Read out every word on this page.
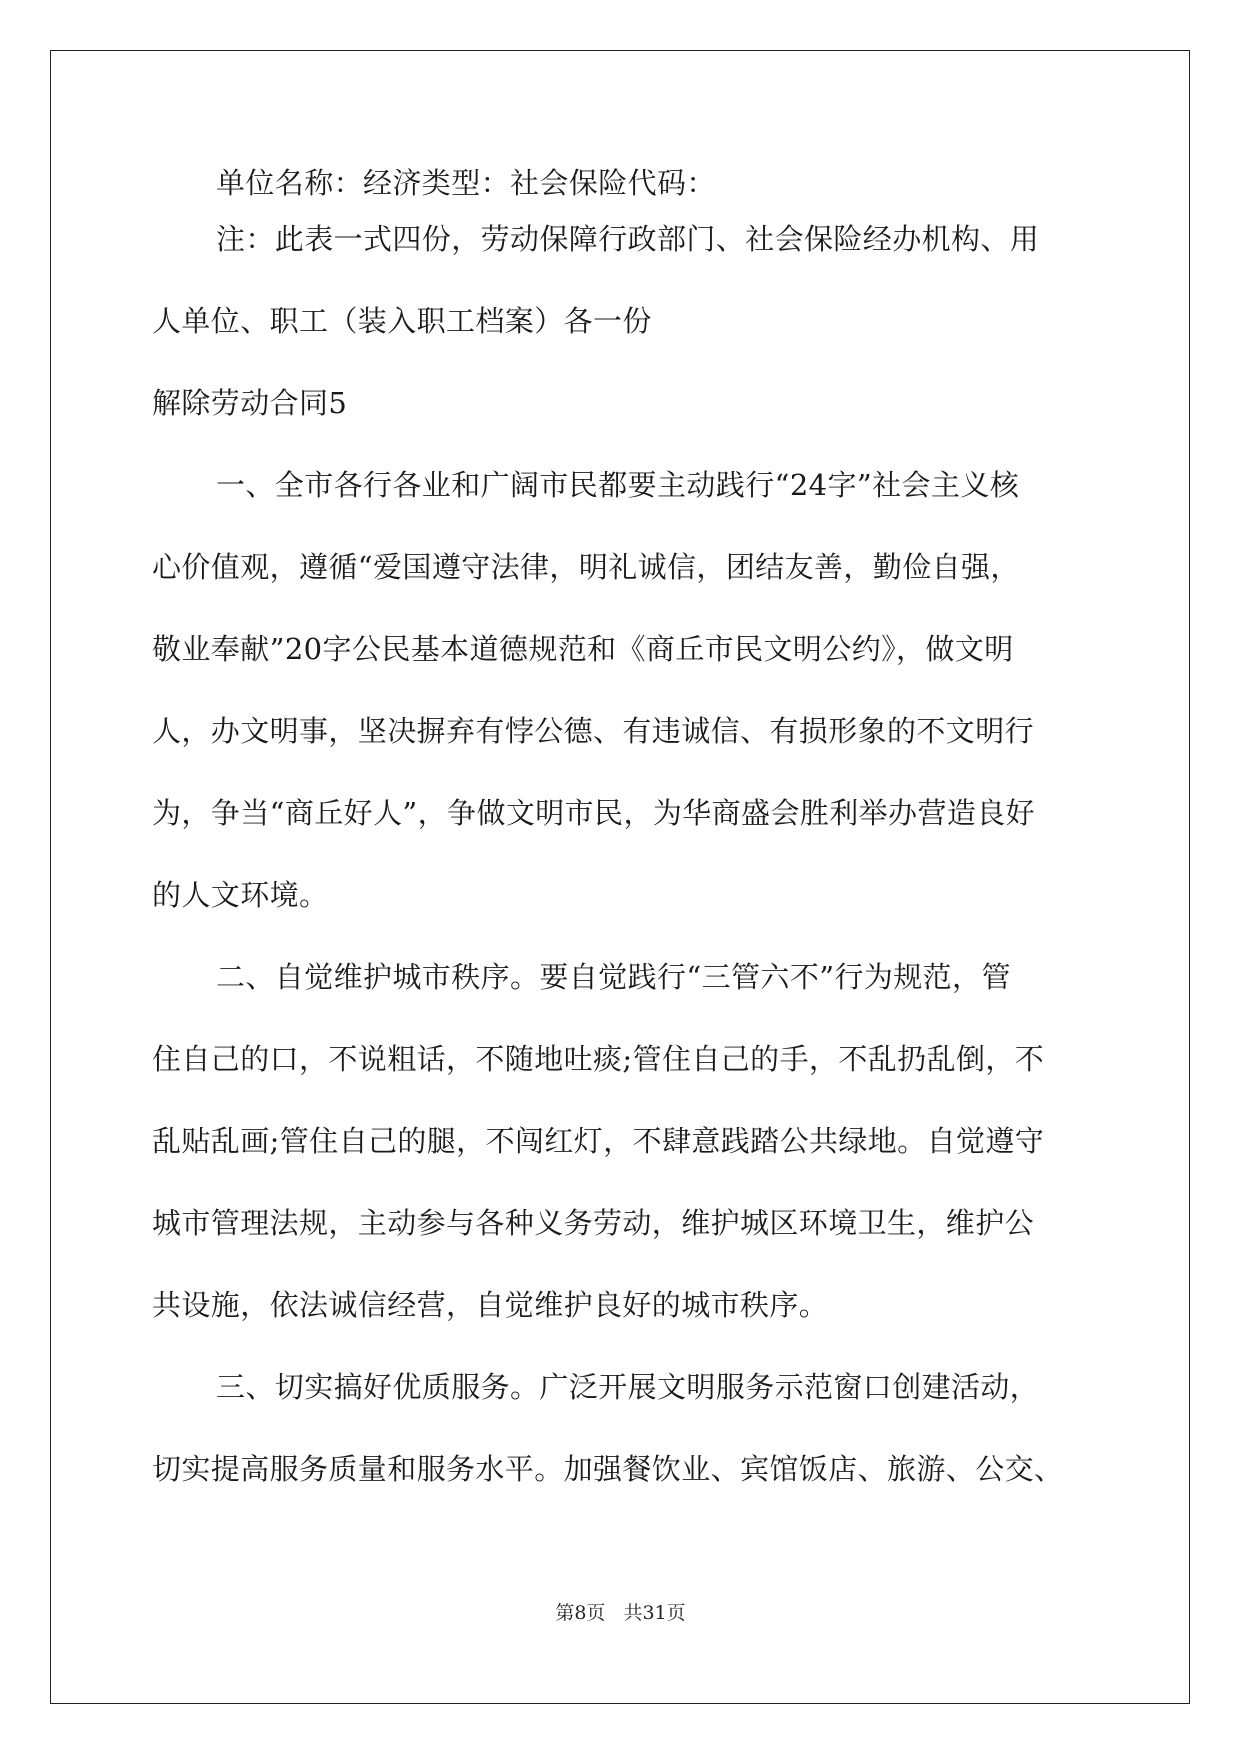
单位名称：经济类型：社会保险代码：

注：此表一式四份，劳动保障行政部门、社会保险经办机构、用

人单位、职工（装入职工档案）各一份

解除劳动合同5

一、全市各行各业和广阔市民都要主动践行“24字”社会主义核

心价值观，遵循“爱国遵守法律，明礼诚信，团结友善，勤俭自强，

敬业奉献”20字公民基本道德规范和《商丘市民文明公约》，做文明

人，办文明事，坚决摒弃有悖公德、有违诚信、有损形象的不文明行

为，争当“商丘好人”，争做文明市民，为华商盛会胜利举办营造良好

的人文环境。

二、自觉维护城市秩序。要自觉践行“三管六不”行为规范，管

住自己的口，不说粗话，不随地吐痰;管住自己的手，不乱扔乱倒，不

乱贴乱画;管住自己的腿，不闯红灯，不肆意践踏公共绿地。自觉遵守

城市管理法规，主动参与各种义务劳动，维护城区环境卫生，维护公

共设施，依法诚信经营，自觉维护良好的城市秩序。

三、切实搞好优质服务。广泛开展文明服务示范窗口创建活动，

切实提高服务质量和服务水平。加强餐饮业、宾馆饭店、旅游、公交、

第8页 共31页
